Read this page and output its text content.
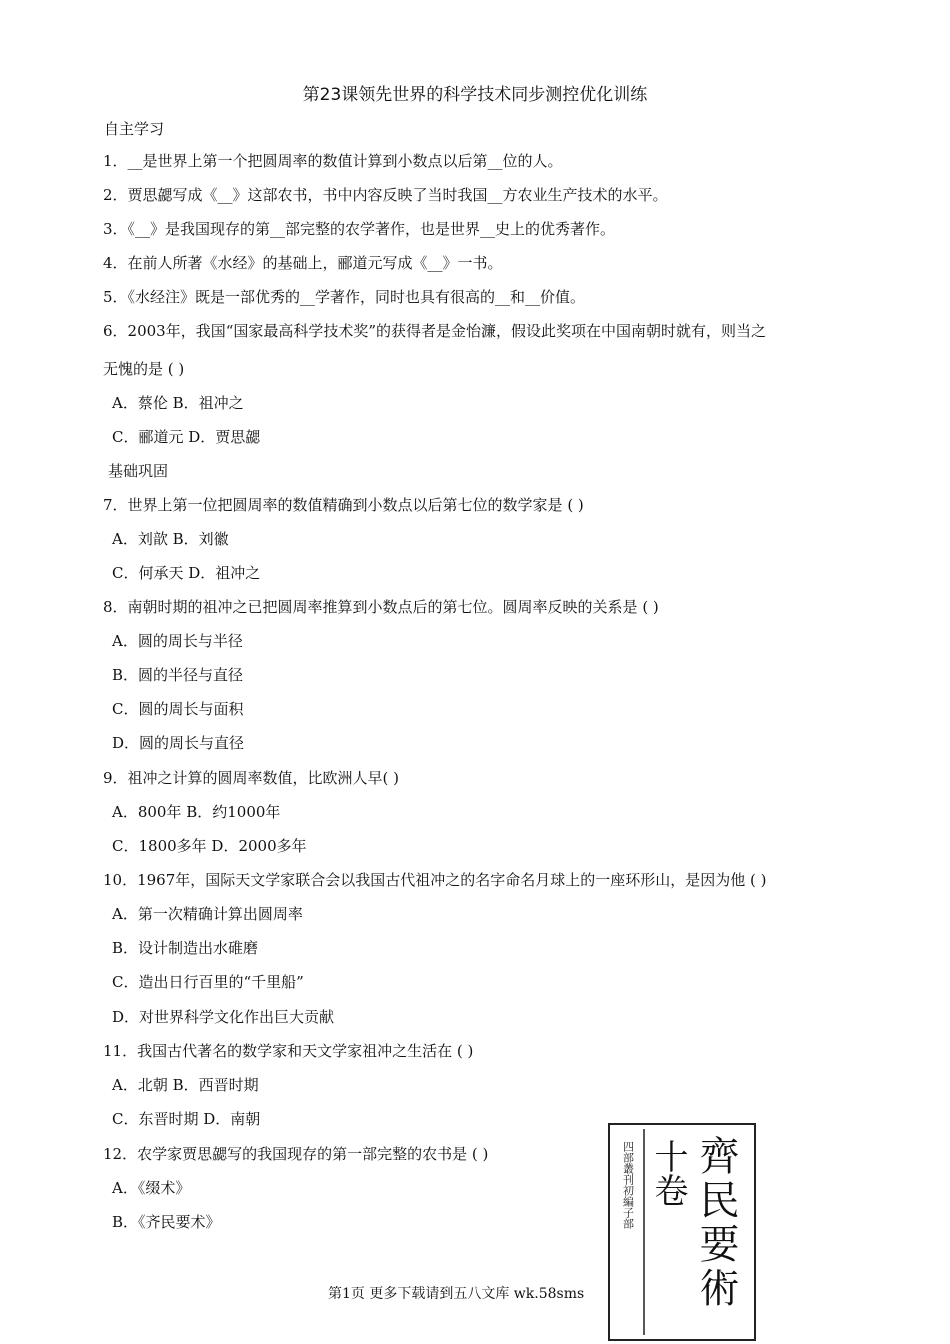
第23课领先世界的科学技术同步测控优化训练
自主学习
1．__是世界上第一个把圆周率的数值计算到小数点以后第__位的人。
2．贾思勰写成《__》这部农书，书中内容反映了当时我国__方农业生产技术的水平。
3．《__》是我国现存的第__部完整的农学著作，也是世界__史上的优秀著作。
4．在前人所著《水经》的基础上，郦道元写成《__》一书。
5．《水经注》既是一部优秀的__学著作，同时也具有很高的__和__价值。
6．2003年，我国“国家最高科学技术奖”的获得者是金怡濂，假设此奖项在中国南朝时就有，则当之
无愧的是 ( )
A．蔡伦 B．祖冲之
C．郦道元 D．贾思勰
基础巩固
7．世界上第一位把圆周率的数值精确到小数点以后第七位的数学家是 ( )
A．刘歆 B．刘徽
C．何承天 D．祖冲之
8．南朝时期的祖冲之已把圆周率推算到小数点后的第七位。圆周率反映的关系是 ( )
A．圆的周长与半径
B．圆的半径与直径
C．圆的周长与面积
D．圆的周长与直径
9．祖冲之计算的圆周率数值，比欧洲人早( )
A．800年 B．约1000年
C．1800多年 D．2000多年
10．1967年，国际天文学家联合会以我国古代祖冲之的名字命名月球上的一座环形山，是因为他 ( )
A．第一次精确计算出圆周率
B．设计制造出水碓磨
C．造出日行百里的“千里船”
D．对世界科学文化作出巨大贡献
11．我国古代著名的数学家和天文学家祖冲之生活在 ( )
A．北朝 B．西晋时期
C．东晋时期 D．南朝
12．农学家贾思勰写的我国现存的第一部完整的农书是 ( )
A．《缀术》
B．《齐民要术》
第1页 更多下载请到五八文库 wk.58sms
四部叢刊初編子部 齊民要術
十卷
